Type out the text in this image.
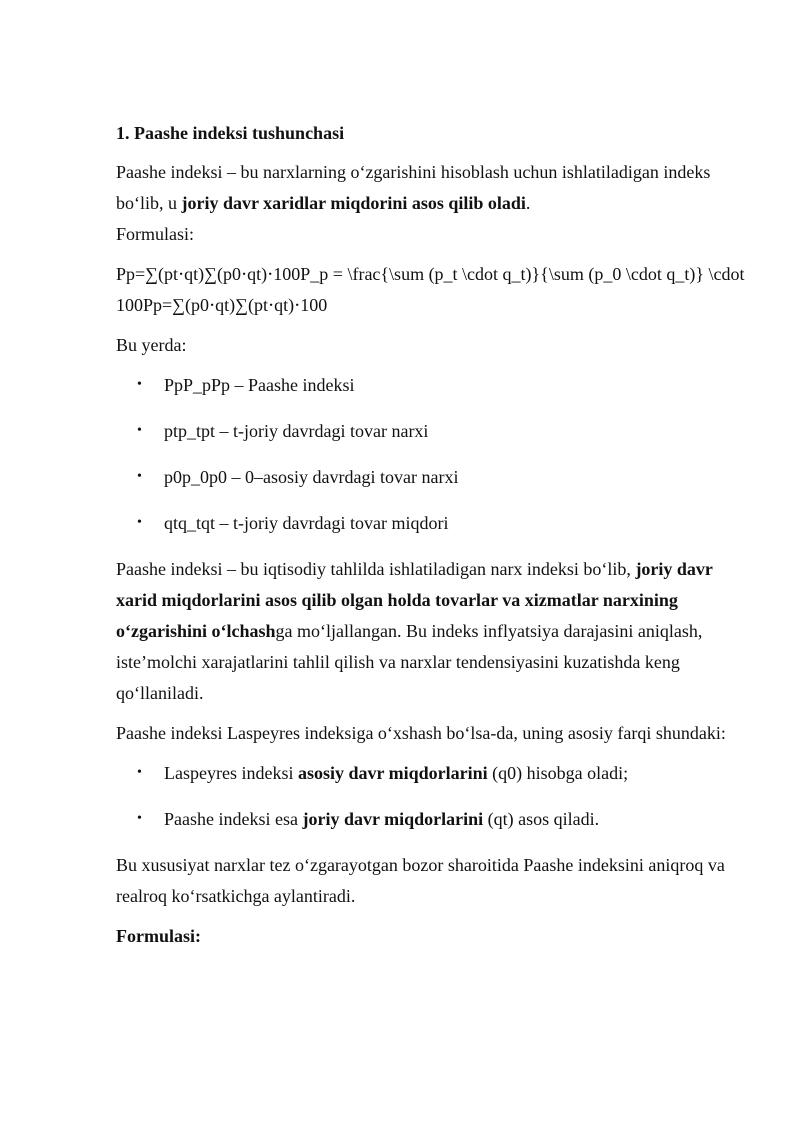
1. Paashe indeksi tushunchasi

Paashe indeksi – bu narxlarning o‘zgarishini hisoblash uchun ishlatiladigan indeks bo‘lib, u joriy davr xaridlar miqdorini asos qilib oladi.

Formulasi:

Pp=∑(pt⋅qt)∑(p0⋅qt)⋅100P_p = \frac{\sum (p_t \cdot q_t)}{\sum (p_0 \cdot q_t)} \cdot 100Pp=∑(p0⋅qt)∑(pt⋅qt)⋅100

Bu yerda:

• PpP_pPp – Paashe indeksi
• ptp_tpt – t-joriy davrdagi tovar narxi
• p0p_0p0 – 0–asosiy davrdagi tovar narxi
• qtq_tqt – t-joriy davrdagi tovar miqdori

Paashe indeksi – bu iqtisodiy tahlilda ishlatiladigan narx indeksi bo‘lib, joriy davr xarid miqdorlarini asos qilib olgan holda tovarlar va xizmatlar narxining o‘zgarishini o‘lchashga mo‘ljallangan. Bu indeks inflyatsiya darajasini aniqlash, iste’molchi xarajatlarini tahlil qilish va narxlar tendensiyasini kuzatishda keng qo‘llaniladi.

Paashe indeksi Laspeyres indeksiga o‘xshash bo‘lsa-da, uning asosiy farqi shundaki:

• Laspeyres indeksi asosiy davr miqdorlarini (q0) hisobga oladi;
• Paashe indeksi esa joriy davr miqdorlarini (qt) asos qiladi.

Bu xususiyat narxlar tez o‘zgarayotgan bozor sharoitida Paashe indeksini aniqroq va realroq ko‘rsatkichga aylantiradi.

Formulasi:
